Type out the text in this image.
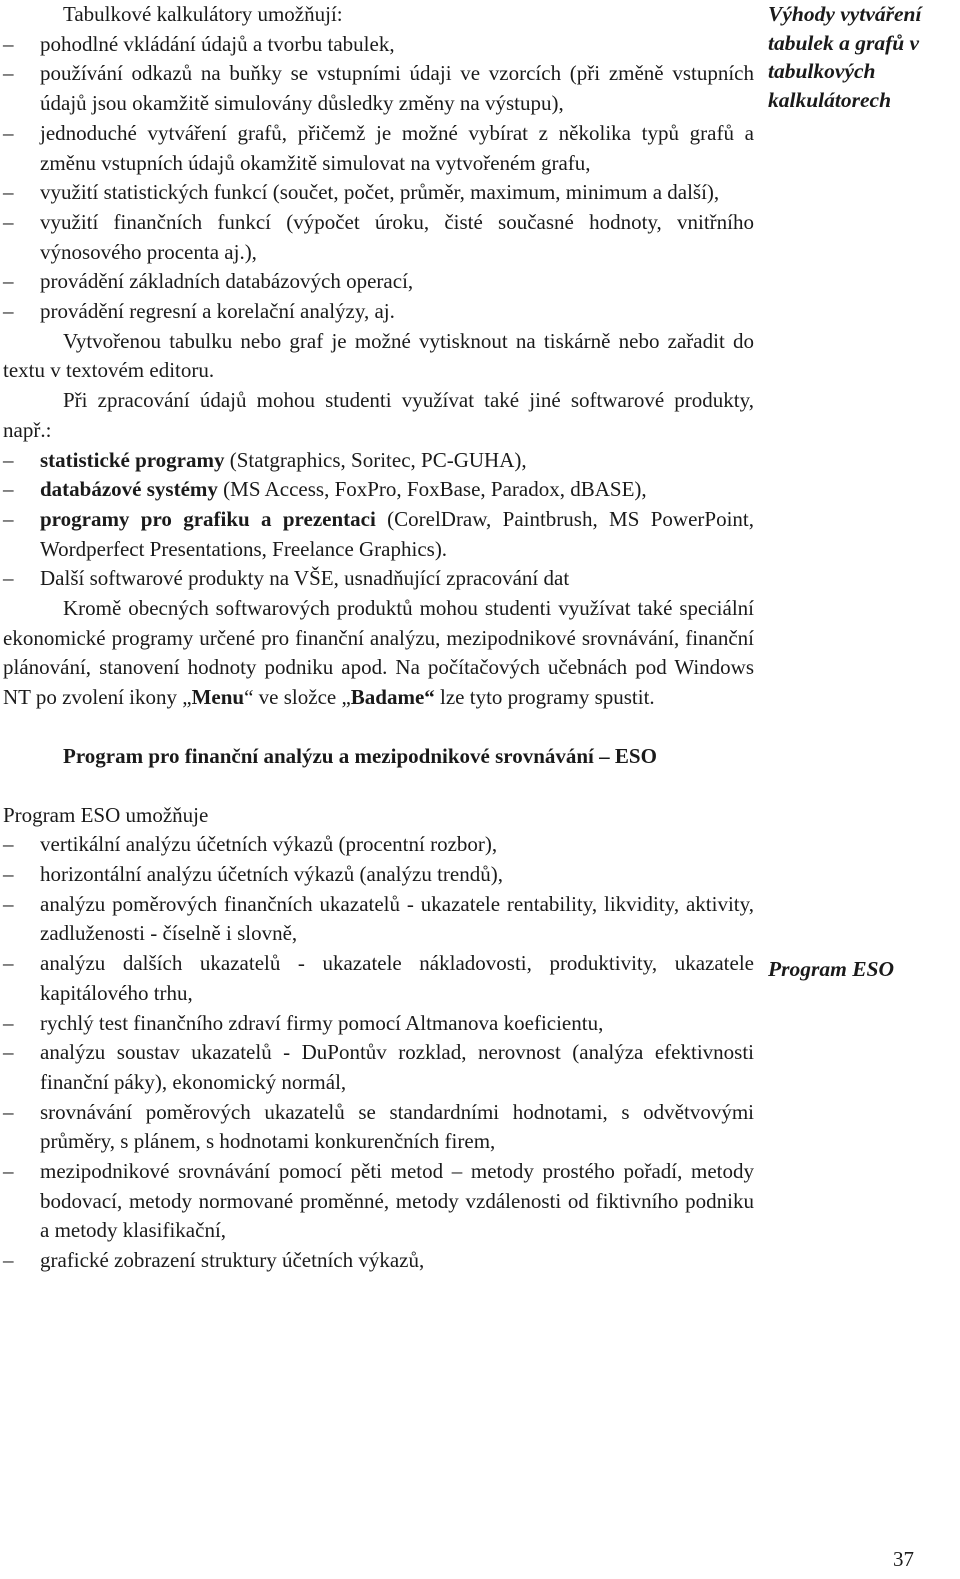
Výhody vytváření tabulek a grafů v tabulkových kalkulátorech
Program ESO

Tabulkové kalkulátory umožňují:

– pohodlné vkládání údajů a tvorbu tabulek,
– používání odkazů na buňky se vstupními údaji ve vzorcích (při změně vstupních údajů jsou okamžitě simulovány důsledky změny na výstupu),
– jednoduché vytváření grafů, přičemž je možné vybírat z několika typů grafů a změnu vstupních údajů okamžitě simulovat na vytvořeném grafu,
– využití statistických funkcí (součet, počet, průměr, maximum, minimum a další),
– využití finančních funkcí (výpočet úroku, čisté současné hodnoty, vnitřního výnosového procenta aj.),
– provádění základních databázových operací,
– provádění regresní a korelační analýzy, aj.

Vytvořenou tabulku nebo graf je možné vytisknout na tiskárně nebo zařadit do textu v textovém editoru.

Při zpracování údajů mohou studenti využívat také jiné softwarové produkty, např.:

– statistické programy (Statgraphics, Soritec, PC-GUHA),
– databázové systémy (MS Access, FoxPro, FoxBase, Paradox, dBASE),
– programy pro grafiku a prezentaci (CorelDraw, Paintbrush, MS PowerPoint, Wordperfect Presentations, Freelance Graphics).
– Další softwarové produkty na VŠE, usnadňující zpracování dat

Kromě obecných softwarových produktů mohou studenti využívat také speciální ekonomické programy určené pro finanční analýzu, mezipodnikové srovnávání, finanční plánování, stanovení hodnoty podniku apod. Na počítačových učebnách pod Windows NT po zvolení ikony „Menu“ ve složce „Badame“ lze tyto programy spustit.

Program pro finanční analýzu a mezipodnikové srovnávání – ESO

Program ESO umožňuje

– vertikální analýzu účetních výkazů (procentní rozbor),
– horizontální analýzu účetních výkazů (analýzu trendů),
– analýzu poměrových finančních ukazatelů - ukazatele rentability, likvidity, aktivity, zadluženosti - číselně i slovně,
– analýzu dalších ukazatelů - ukazatele nákladovosti, produktivity, ukazatele kapitálového trhu,
– rychlý test finančního zdraví firmy pomocí Altmanova koeficientu,
– analýzu soustav ukazatelů - DuPontův rozklad, nerovnost (analýza efektivnosti finanční páky), ekonomický normál,
– srovnávání poměrových ukazatelů se standardními hodnotami, s odvětvovými průměry, s plánem, s hodnotami konkurenčních firem,
– mezipodnikové srovnávání pomocí pěti metod – metody prostého pořadí, metody bodovací, metody normované proměnné, metody vzdálenosti od fiktivního podniku a metody klasifikační,
– grafické zobrazení struktury účetních výkazů,
37
